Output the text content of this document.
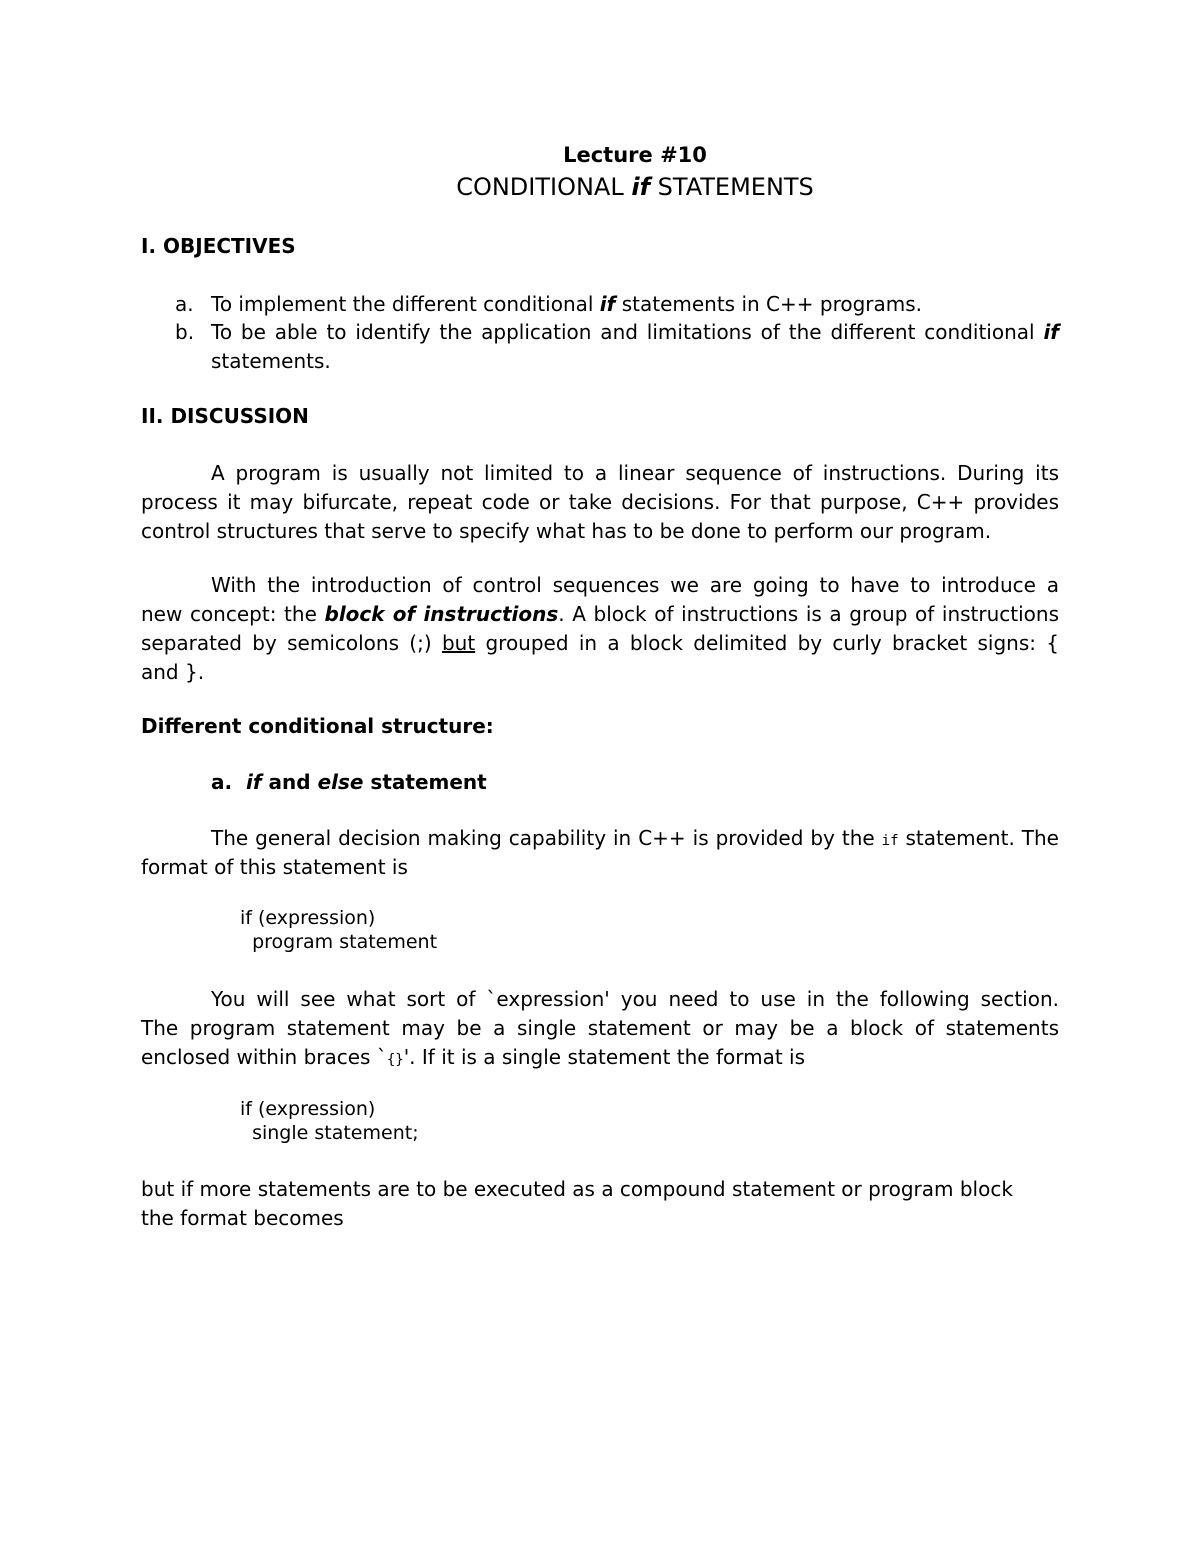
Lecture #10
CONDITIONAL if STATEMENTS
I. OBJECTIVES
a. To implement the different conditional if statements in C++ programs.
b. To be able to identify the application and limitations of the different conditional if
statements.
II. DISCUSSION
A program is usually not limited to a linear sequence of instructions. During its
process it may bifurcate, repeat code or take decisions. For that purpose, C++ provides
control structures that serve to specify what has to be done to perform our program.
With the introduction of control sequences we are going to have to introduce a
new concept: the block of instructions. A block of instructions is a group of instructions
separated by semicolons (;) but grouped in a block delimited by curly bracket signs: {
and }.
Different conditional structure:
a. if and else statement
The general decision making capability in C++ is provided by the if statement. The
format of this statement is
if (expression)
program statement
You will see what sort of `expression' you need to use in the following section.
The program statement may be a single statement or may be a block of statements
enclosed within braces `{}'. If it is a single statement the format is
if (expression)
single statement;
but if more statements are to be executed as a compound statement or program block
the format becomes
